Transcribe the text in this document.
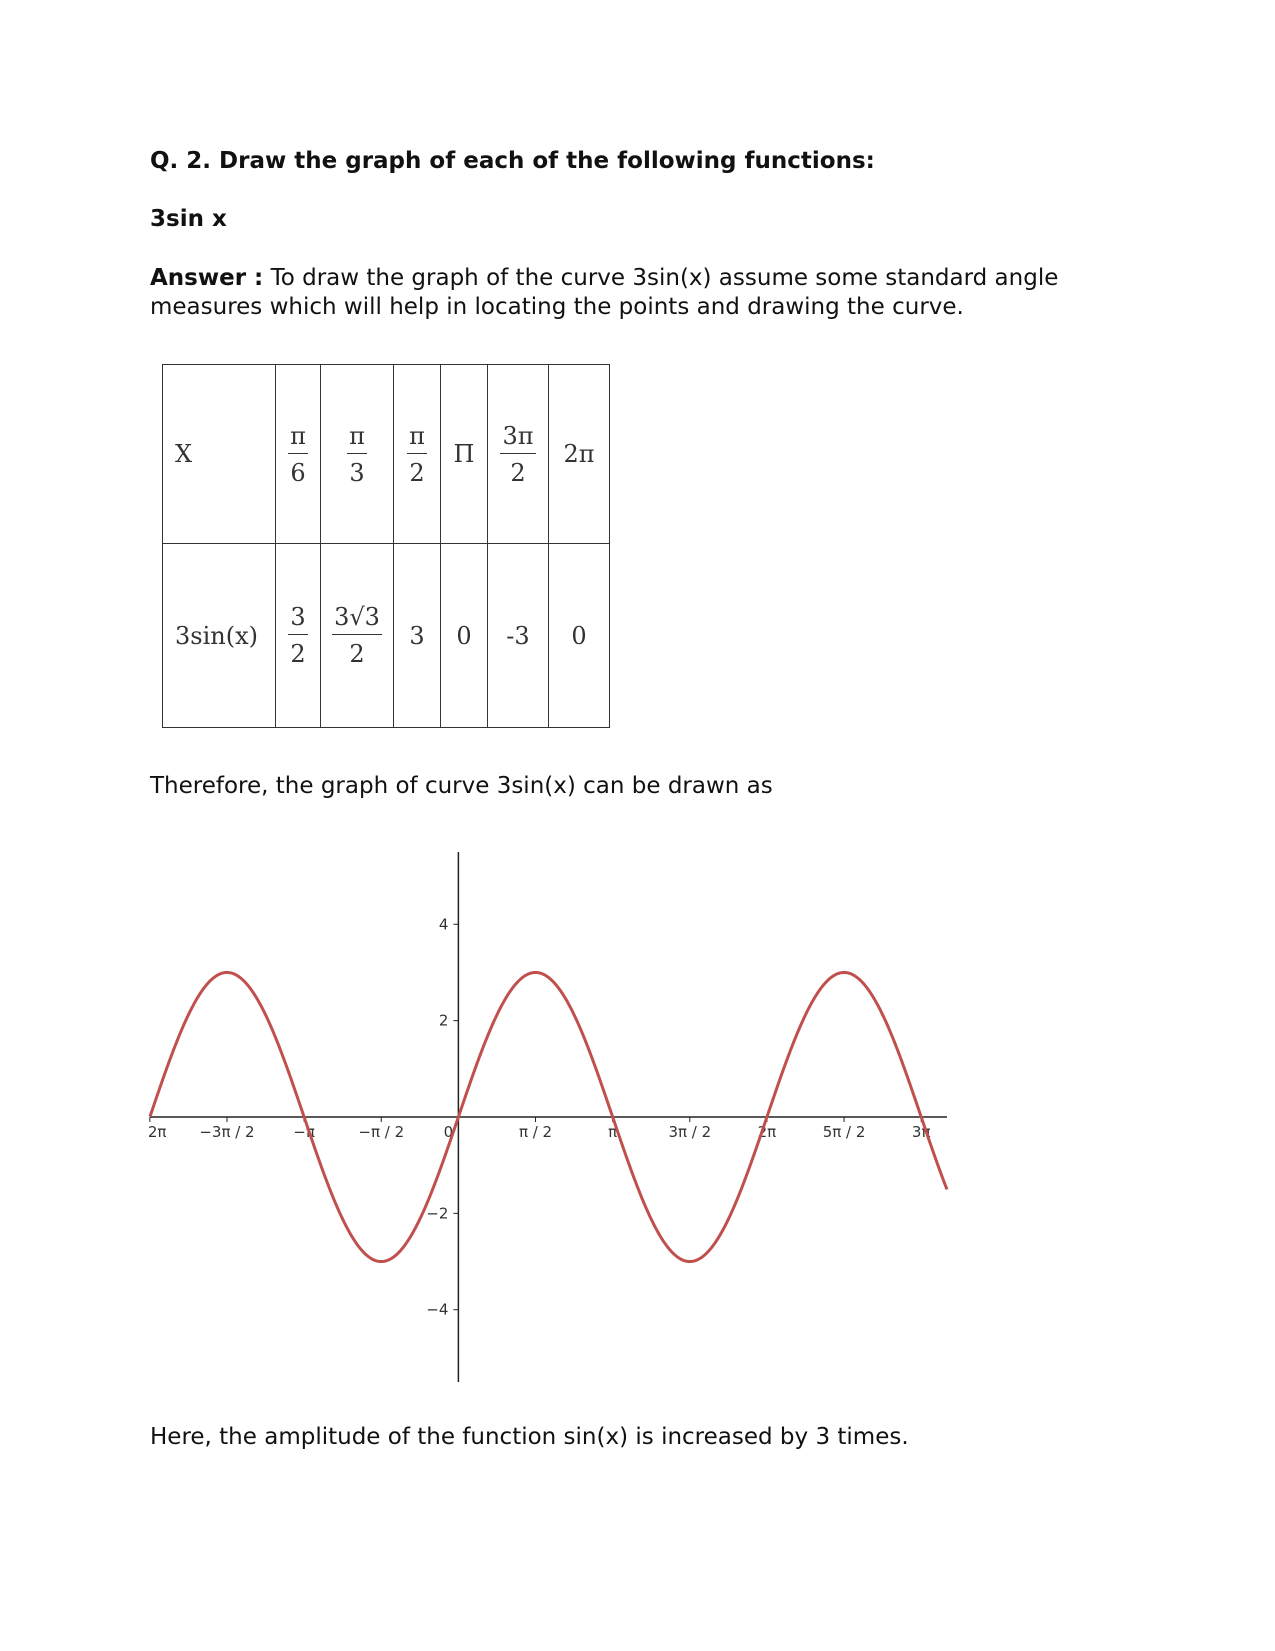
Q. 2. Draw the graph of each of the following functions:
3sin x
Answer : To draw the graph of the curve 3sin(x) assume some standard angle measures which will help in locating the points and drawing the curve.
X	$\frac{\pi}{6}$	$\frac{\pi}{3}$	$\frac{\pi}{2}$	Π	$\frac{3\pi}{2}$	2π
3sin(x)	$\frac{3}{2}$	$\frac{3√3}{2}$	3	0	-3	0
Therefore, the graph of curve 3sin(x) can be drawn as
2π −3π / 2	−π	−π / 2	0	π / 2	π	3π / 2	2π	5π / 2	3π
4
2
−2
−4
Here, the amplitude of the function sin(x) is increased by 3 times.
